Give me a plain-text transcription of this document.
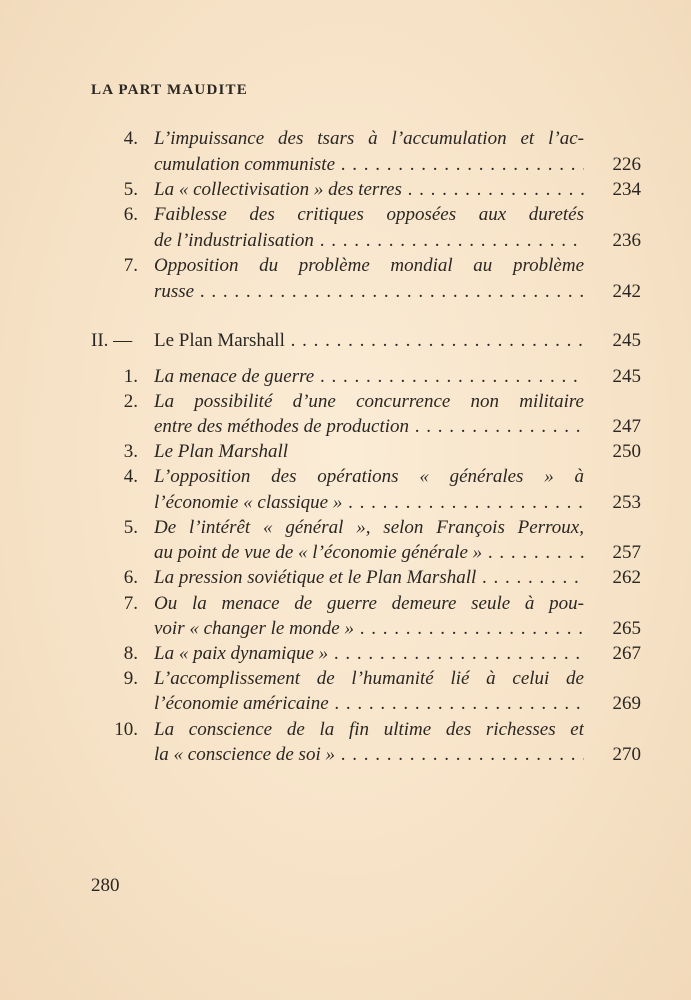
LA PART MAUDITE
4. L’impuissance des tsars à l’accumulation et l’ac-
cumulation communiste . . .	226
5. La « collectivisation » des terres . . .	234
6. Faiblesse des critiques opposées aux duretés
de l’industrialisation . . .	236
7. Opposition du problème mondial au problème
russe . . .	242
II. —	Le Plan Marshall . . .	245
1. La menace de guerre . . .	245
2. La possibilité d’une concurrence non militaire
entre des méthodes de production . . .	247
3. Le Plan Marshall	250
4. L’opposition des opérations « générales » à
l’économie « classique » . . .	253
5. De l’intérêt « général », selon François Perroux,
au point de vue de « l’économie générale » . . .	257
6. La pression soviétique et le Plan Marshall . . .	262
7. Ou la menace de guerre demeure seule à pou-
voir « changer le monde » . . .	265
8. La « paix dynamique » . . .	267
9. L’accomplissement de l’humanité lié à celui de
l’économie américaine . . .	269
10. La conscience de la fin ultime des richesses et
la « conscience de soi » . . .	270
280
